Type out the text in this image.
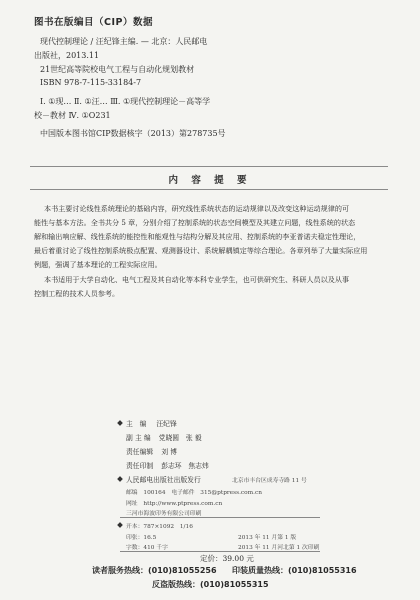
图书在版编目（CIP）数据
现代控制理论 / 汪纪锋主编. — 北京：人民邮电
出版社，2013.11
21世纪高等院校电气工程与自动化规划教材
ISBN 978-7-115-33184-7
Ⅰ. ①现… Ⅱ. ①汪… Ⅲ. ①现代控制理论－高等学
校－教材 Ⅳ. ①O231
中国版本图书馆CIP数据核字（2013）第278735号
内 容 提 要
本书主要讨论线性系统理论的基础内容，研究线性系统状态的运动规律以及改变这种运动规律的可
能性与基本方法。全书共分 5 章，分别介绍了控制系统的状态空间模型及其建立问题，线性系统的状态
解和输出响应解、线性系统的能控性和能观性与结构分解及其应用、控制系统的李亚普诺夫稳定性理论，
最后着重讨论了线性控制系统极点配置、观测器设计、系统解耦镇定等综合理论。各章列举了大量实际应用
例题，强调了基本理论的工程实际应用。
本书适用于大学自动化、电气工程及其自动化等本科专业学生，也可供研究生、科研人员以及从事
控制工程的技术人员参考。
主　编 汪纪锋
副 主 编 党晓圆　张 毅
责任编辑 刘 博
责任印制 彭志环　焦志炜
人民邮电出版社出版发行	北京市丰台区成寿寺路 11 号
邮编　100164　电子邮件　315@ptpress.com.cn
网址　http://www.ptpress.com.cn
三河市海波印务有限公司印刷
开本：787×1092　1/16
印张：16.5	2013 年 11 月第 1 版
字数：410 千字	2013 年 11 月河北第 1 次印刷
定价：39.00 元
读者服务热线：(010)81055256 印装质量热线：(010)81055316
反盗版热线：(010)81055315
